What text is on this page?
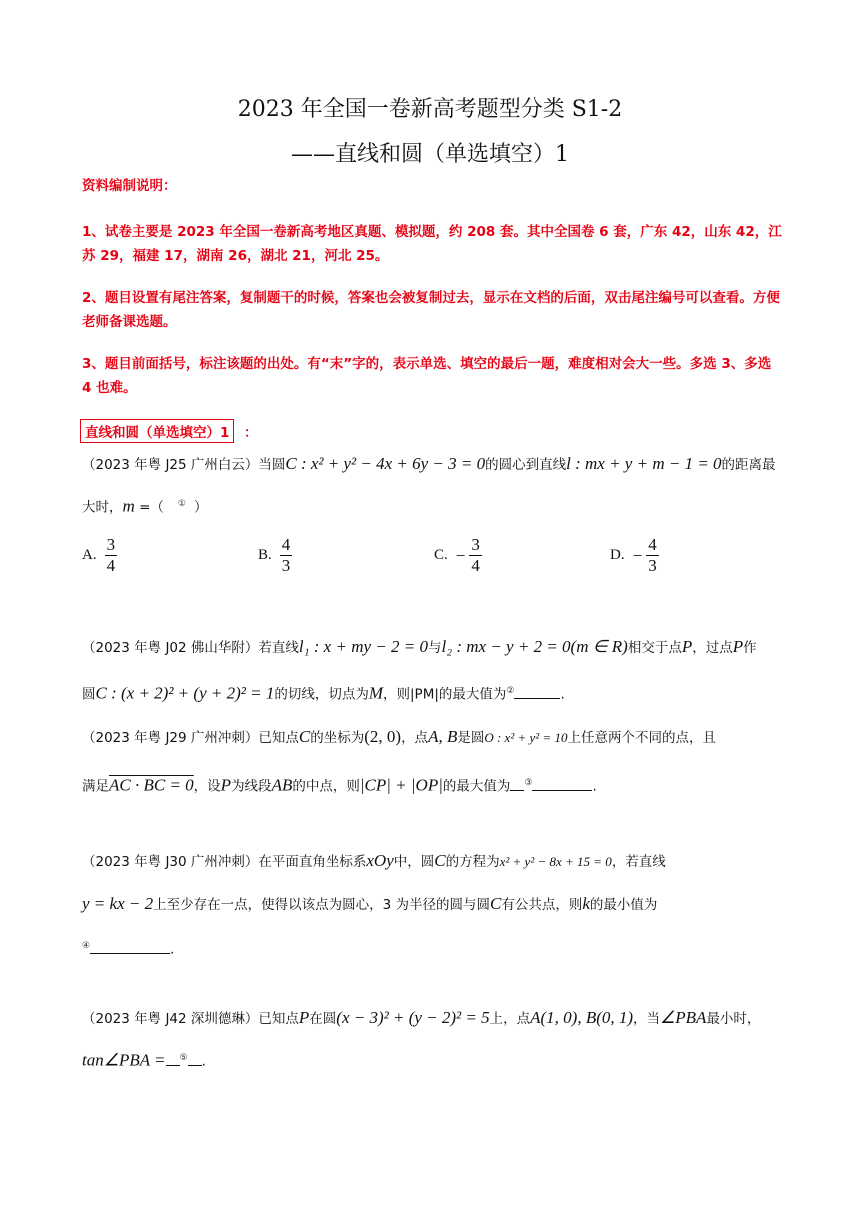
2023 年全国一卷新高考题型分类 S1-2
——直线和圆（单选填空）1
资料编制说明：
1、试卷主要是 2023 年全国一卷新高考地区真题、模拟题，约 208 套。其中全国卷 6 套，广东 42，山东 42，江苏 29，福建 17，湖南 26，湖北 21，河北 25。
2、题目设置有尾注答案，复制题干的时候，答案也会被复制过去，显示在文档的后面，双击尾注编号可以查看。方便老师备课选题。
3、题目前面括号，标注该题的出处。有“末”字的，表示单选、填空的最后一题，难度相对会大一些。多选 3、多选 4 也难。
直线和圆（单选填空）1	：
（2023 年粤 J25 广州白云）当圆C : x² + y² − 4x + 6y − 3 = 0的圆心到直线l : mx + y + m − 1 = 0的距离最
大时，m =（ ① ）
A. $\frac{3}{4}$	B. $\frac{4}{3}$	C. − $\frac{3}{4}$	D. − $\frac{4}{3}$
（2023 年粤 J02 佛山华附）若直线l₁ : x + my − 2 = 0与l₂ : mx − y + 2 = 0(m ∈ R)相交于点P，过点P作
圆C : (x + 2)² + (y + 2)² = 1的切线，切点为M，则|PM|的最大值为②	.
（2023 年粤 J29 广州冲刺）已知点C的坐标为(2, 0)，点A, B是圆O : x² + y² = 10上任意两个不同的点，且
满足AC · BC = 0，设P为线段AB的中点，则|CP| + |OP|的最大值为 ③	.
（2023 年粤 J30 广州冲刺）在平面直角坐标系xOy中，圆C的方程为x² + y² − 8x + 15 = 0，若直线
y = kx − 2上至少存在一点，使得以该点为圆心，3 为半径的圆与圆C有公共点，则k的最小值为
④	.
（2023 年粤 J42 深圳德琳）已知点P在圆(x − 3)² + (y − 2)² = 5上，点A(1, 0), B(0, 1)，当∠PBA最小时，
tan∠PBA = ⑤ .
